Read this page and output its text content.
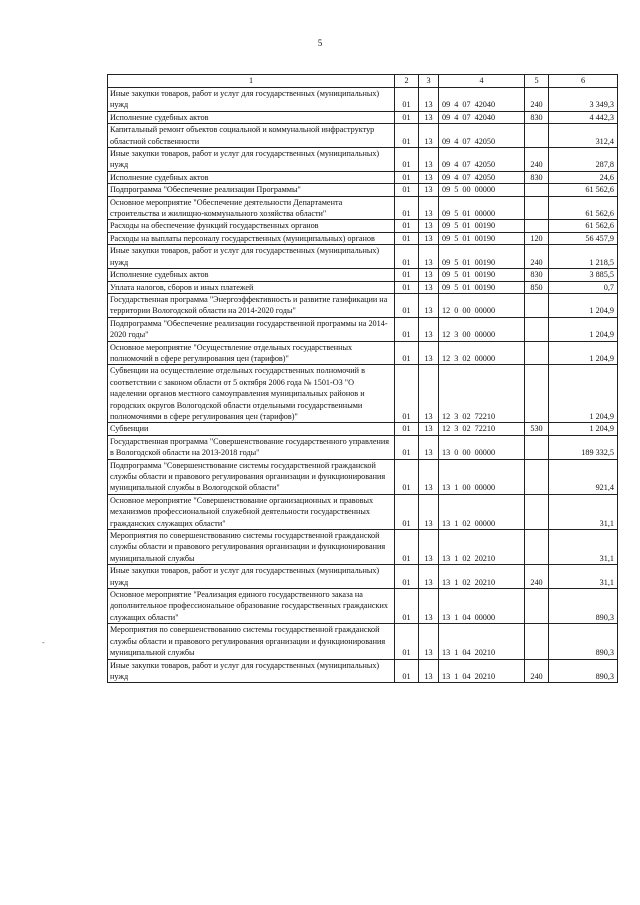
5
-
1	2	3	4	5	6
Иные закупки товаров, работ и услуг для государственных (муниципальных) нужд	01	13	09 4 07 42040	240	3 349,3
Исполнение судебных актов	01	13	09 4 07 42040	830	4 442,3
Капитальный ремонт объектов социальной и коммунальной инфраструктур областной собственности	01	13	09 4 07 42050		312,4
Иные закупки товаров, работ и услуг для государственных (муниципальных) нужд	01	13	09 4 07 42050	240	287,8
Исполнение судебных актов	01	13	09 4 07 42050	830	24,6
Подпрограмма "Обеспечение реализации Программы"	01	13	09 5 00 00000		61 562,6
Основное мероприятие "Обеспечение деятельности Департамента строительства и жилищно-коммунального хозяйства области"	01	13	09 5 01 00000		61 562,6
Расходы на обеспечение функций государственных органов	01	13	09 5 01 00190		61 562,6
Расходы на выплаты персоналу государственных (муниципальных) органов	01	13	09 5 01 00190	120	56 457,9
Иные закупки товаров, работ и услуг для государственных (муниципальных) нужд	01	13	09 5 01 00190	240	1 218,5
Исполнение судебных актов	01	13	09 5 01 00190	830	3 885,5
Уплата налогов, сборов и иных платежей	01	13	09 5 01 00190	850	0,7
Государственная программа "Энергоэффективность и развитие газификации на территории Вологодской области на 2014-2020 годы"	01	13	12 0 00 00000		1 204,9
Подпрограмма "Обеспечение реализации государственной программы на 2014-2020 годы"	01	13	12 3 00 00000		1 204,9
Основное мероприятие "Осуществление отдельных государственных полномочий в сфере регулирования цен (тарифов)"	01	13	12 3 02 00000		1 204,9
Субвенции на осуществление отдельных государственных полномочий в соответствии с законом области от 5 октября 2006 года № 1501-ОЗ "О наделении органов местного самоуправления муниципальных районов и городских округов Вологодской области отдельными государственными полномочиями в сфере регулирования цен (тарифов)"	01	13	12 3 02 72210		1 204,9
Субвенции	01	13	12 3 02 72210	530	1 204,9
Государственная программа "Совершенствование государственного управления в Вологодской области на 2013-2018 годы"	01	13	13 0 00 00000		189 332,5
Подпрограмма "Совершенствование системы государственной гражданской службы области и правового регулирования организации и функционирования муниципальной службы в Вологодской области"	01	13	13 1 00 00000		921,4
Основное мероприятие "Совершенствование организационных и правовых механизмов профессиональной служебной деятельности государственных гражданских служащих области"	01	13	13 1 02 00000		31,1
Мероприятия по совершенствованию системы государственной гражданской службы области и правового регулирования организации и функционирования муниципальной службы	01	13	13 1 02 20210		31,1
Иные закупки товаров, работ и услуг для государственных (муниципальных) нужд	01	13	13 1 02 20210	240	31,1
Основное мероприятие "Реализация единого государственного заказа на дополнительное профессиональное образование государственных гражданских служащих области"	01	13	13 1 04 00000		890,3
Мероприятия по совершенствованию системы государственной гражданской службы области и правового регулирования организации и функционирования муниципальной службы	01	13	13 1 04 20210		890,3
Иные закупки товаров, работ и услуг для государственных (муниципальных) нужд	01	13	13 1 04 20210	240	890,3
